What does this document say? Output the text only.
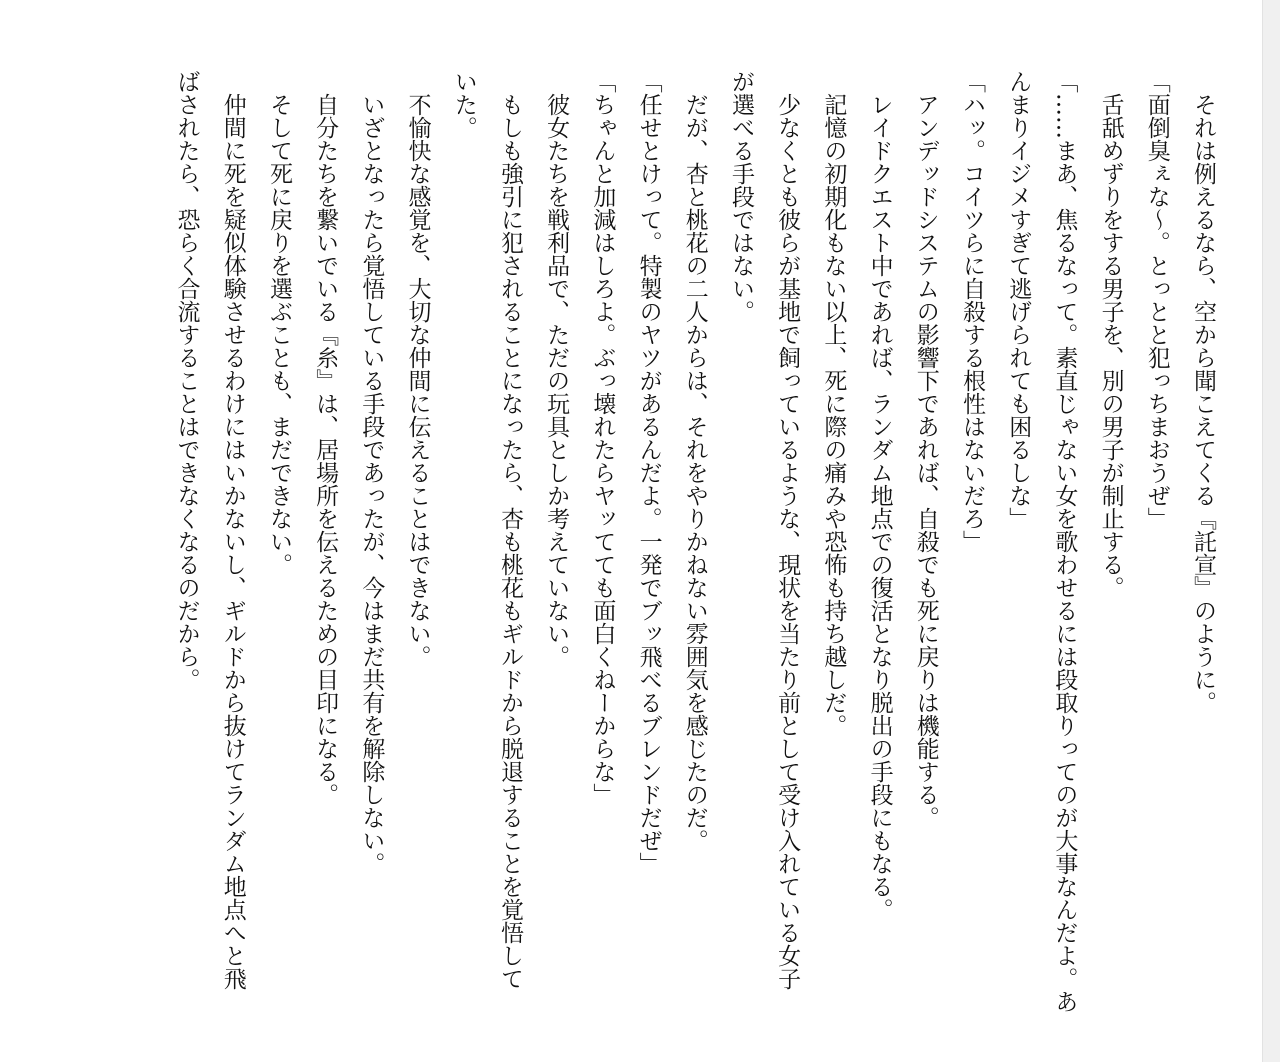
　それは例えるなら、空から聞こえてくる『託宣』のように。

「面倒臭ぇな～。とっとと犯っちまおうぜ」

　舌舐めずりをする男子を、別の男子が制止する。

「……まあ、焦るなって。素直じゃない女を歌わせるには段取りってのが大事なんだよ。あ
んまりイジメすぎて逃げられても困るしな」

「ハッ。コイツらに自殺する根性はないだろ」

　アンデッドシステムの影響下であれば、自殺でも死に戻りは機能する。

　レイドクエスト中であれば、ランダム地点での復活となり脱出の手段にもなる。

　記憶の初期化もない以上、死に際の痛みや恐怖も持ち越しだ。

　少なくとも彼らが基地で飼っているような、現状を当たり前として受け入れている女子
が選べる手段ではない。

　だが、杏と桃花の二人からは、それをやりかねない雰囲気を感じたのだ。

「任せとけって。特製のヤツがあるんだよ。一発でブッ飛べるブレンドだぜ」

「ちゃんと加減はしろよ。ぶっ壊れたらヤッてても面白くねーからな」

　彼女たちを戦利品で、ただの玩具としか考えていない。

　もしも強引に犯されることになったら、杏も桃花もギルドから脱退することを覚悟して
いた。

　不愉快な感覚を、大切な仲間に伝えることはできない。

　いざとなったら覚悟している手段であったが、今はまだ共有を解除しない。

　自分たちを繋いでいる『糸』は、居場所を伝えるための目印になる。

　そして死に戻りを選ぶことも、まだできない。

　仲間に死を疑似体験させるわけにはいかないし、ギルドから抜けてランダム地点へと飛
ばされたら、恐らく合流することはできなくなるのだから。
